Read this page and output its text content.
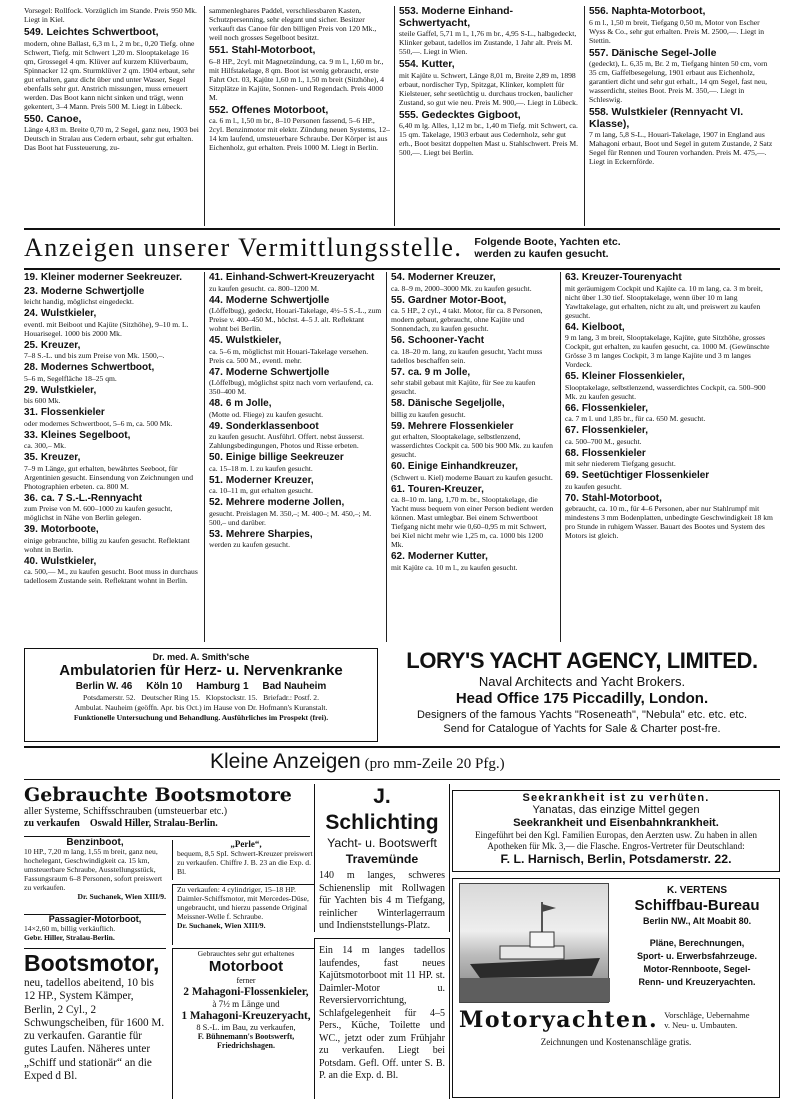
Vorsegel: Rollfock. Vorzüglich im Stande. Preis 950 Mk. Liegt in Kiel.
549. Leichtes Schwertboot,
modern, ohne Ballast, 6,3 m l., 2 m br., 0,20 Tiefg. ohne Schwert, Tiefg. mit Schwert 1,20 m. Slooptakelage 16 qm, Grossegel 4 qm. Klüver auf kurzem Klüverbaum, Spinnacker 12 qm. Sturmklüver 2 qm. 1904 erbaut, sehr gut erhalten, ganz dicht über und unter Wasser, Segel ebenfalls sehr gut. Anstrich missungen, muss erneuert werden. Das Boot kann nicht sinken und trägt, wenn gekentert, 3–4 Mann. Preis 500 M. Liegt in Lübeck.
550. Canoe,
Länge 4,83 m. Breite 0,70 m, 2 Segel, ganz neu, 1903 bei Deutsch in Stralau aus Cedern erbaut, sehr gut erhalten. Das Boot hat Fussteuerung, zu-
sammenlegbares Paddel, verschliessbaren Kasten, Schutzpersenning, sehr elegant und sicher. Besitzer verkauft das Canoe für den billigen Preis von 120 Mk., weil noch grosses Segelboot besitzt.
551. Stahl-Motorboot,
6–8 HP., 2cyl. mit Magnetzündung, ca. 9 m l., 1,60 m br., mit Hilfstakelage, 8 qm. Boot ist wenig gebraucht, erste Fahrt Oct. 03, Kajüte 1,60 m l., 1,50 m breit (Sitzhöhe), 4 Sitzplätze in Kajüte, Sonnen- und Regendach. Preis 4000 M.
552. Offenes Motorboot,
ca. 6 m l., 1,50 m br., 8–10 Personen fassend, 5–6 HP., 2cyl. Benzinmotor mit elektr. Zündung neuen Systems, 12–14 km laufend, umsteuerbare Schraube. Der Körper ist aus Eichenholz, gut erhalten. Preis 1000 M. Liegt in Berlin.
553. Moderne Einhand-Schwertyacht,
steile Gaffel, 5,71 m l., 1,76 m br., 4,95 S-L., halbgedeckt, Klinker gebaut, tadellos im Zustande, 1 Jahr alt. Preis M. 550,—. Liegt in Wien.
554. Kutter,
mit Kajüte u. Schwert, Länge 8,01 m, Breite 2,89 m, 1898 erbaut, nordischer Typ, Spitzgat, Klinker, komplett für Kielsteuer, sehr seetüchtig u. durchaus trocken, baulicher Zustand, so gut wie neu. Preis M. 900,—. Liegt in Lübeck.
555. Gedecktes Gigboot,
6,40 m lg. Alles, 1,12 m br., 1,40 m Tiefg. mit Schwert, ca. 15 qm. Takelage, 1903 erbaut aus Cedernholz, sehr gut erh., Boot besitzt doppelten Mast u. Stahlschwert. Preis M. 500,—. Liegt bei Berlin.
556. Naphta-Motorboot,
6 m l., 1,50 m breit, Tiefgang 0,50 m, Motor von Escher Wyss & Co., sehr gut erhalten. Preis M. 2500,—. Liegt in Stettin.
557. Dänische Segel-Jolle
(gedeckt), L. 6,35 m, Br. 2 m, Tiefgang hinten 50 cm, vorn 35 cm, Gaffelbesegelung, 1901 erbaut aus Eichenholz, garantiert dicht und sehr gut erhalt., 14 qm Segel, fast neu, wasserdicht, steites Boot. Preis M. 350,—. Liegt in Schleswig.
558. Wulstkieler (Rennyacht VI. Klasse),
7 m lang, 5,8 S-L., Houari-Takelage, 1907 in England aus Mahagoni erbaut, Boot und Segel in gutem Zustande, 2 Satz Segel für Rennen und Touren vorhanden. Preis M. 475,—. Liegt in Eckernförde.
Anzeigen unserer Vermittlungsstelle. Folgende Boote, Yachten etc.
werden zu kaufen gesucht.
19. Kleiner moderner Seekreuzer.
23. Moderne Schwertjolle
leicht handig, möglichst eingedeckt.
24. Wulstkieler,
eventl. mit Beiboot und Kajüte (Sitzhöhe), 9–10 m. L. Houarisegel. 1000 bis 2000 Mk.
25. Kreuzer,
7–8 S.-L. und bis zum Preise von Mk. 1500,–.
28. Modernes Schwertboot,
5–6 m, Segelfläche 18–25 qm.
29. Wulstkieler,
bis 600 Mk.
31. Flossenkieler
oder modernes Schwertboot, 5–6 m, ca. 500 Mk.
33. Kleines Segelboot,
ca. 300,– Mk.
35. Kreuzer,
7–9 m Länge, gut erhalten, bewährtes Seeboot, für Argentinien gesucht. Einsendung von Zeichnungen und Photographien erbeten. ca. 800 M.
36. ca. 7 S.-L.-Rennyacht
zum Preise von M. 600–1000 zu kaufen gesucht, möglichst in Nähe von Berlin gelegen.
39. Motorboote,
einige gebrauchte, billig zu kaufen gesucht. Reflektant wohnt in Berlin.
40. Wulstkieler,
ca. 500,— M., zu kaufen gesucht. Boot muss in durchaus tadellosem Zustande sein. Reflektant wohnt in Berlin.
41. Einhand-Schwert-Kreuzeryacht
zu kaufen gesucht. ca. 800–1200 M.
44. Moderne Schwertjolle
(Löffelbug), gedeckt, Houari-Takelage, 4½–5 S.-L., zum Preise v. 400–450 M., höchst. 4–5 J. alt. Reflektant wohnt bei Berlin.
45. Wulstkieler,
ca. 5–6 m, möglichst mit Houari-Takelage versehen. Preis ca. 500 M., eventl. mehr.
47. Moderne Schwertjolle
(Löffelbug), möglichst spitz nach vorn verlaufend, ca. 350–400 M.
48. 6 m Jolle,
(Motte od. Fliege) zu kaufen gesucht.
49. Sonderklassenboot
zu kaufen gesucht. Ausführl. Offert. nebst äusserst. Zahlungsbedingungen, Photos und Risse erbeten.
50. Einige billige Seekreuzer
ca. 15–18 m. l. zu kaufen gesucht.
51. Moderner Kreuzer,
ca. 10–11 m, gut erhalten gesucht.
52. Mehrere moderne Jollen,
gesucht. Preislagen M. 350,–; M. 400–; M. 450,–; M. 500,– und darüber.
53. Mehrere Sharpies,
werden zu kaufen gesucht.
54. Moderner Kreuzer,
ca. 8–9 m, 2000–3000 Mk. zu kaufen gesucht.
55. Gardner Motor-Boot,
ca. 5 HP., 2 cyl., 4 takt. Motor, für ca. 8 Personen, modern gebaut, gebraucht, ohne Kajüte und Sonnendach, zu kaufen gesucht.
56. Schooner-Yacht
ca. 18–20 m. lang, zu kaufen gesucht, Yacht muss tadellos beschaffen sein.
57. ca. 9 m Jolle,
sehr stabil gebaut mit Kajüte, für See zu kaufen gesucht.
58. Dänische Segeljolle,
billig zu kaufen gesucht.
59. Mehrere Flossenkieler
gut erhalten, Slooptakelage, selbstlenzend, wasserdichtes Cockpit ca. 500 bis 900 Mk. zu kaufen gesucht.
60. Einige Einhandkreuzer,
(Schwert u. Kiel) moderne Bauart zu kaufen gesucht.
61. Touren-Kreuzer,
ca. 8–10 m. lang, 1,70 m. br., Slooptakelage, die Yacht muss bequem von einer Person bedient werden können. Mast umlegbar. Bei einem Schwertboot Tiefgang nicht mehr wie 0,60–0,95 m mit Schwert, bei Kiel nicht mehr wie 1,25 m, ca. 1000 bis 1200 Mk.
62. Moderner Kutter,
mit Kajüte ca. 10 m l., zu kaufen gesucht.
63. Kreuzer-Tourenyacht
mit geräumigem Cockpit und Kajüte ca. 10 m lang, ca. 3 m breit, nicht über 1.30 tief. Slooptakelage, wenn über 10 m lang Yawltakelage, gut erhalten, nicht zu alt, und preiswert zu kaufen gesucht.
64. Kielboot,
9 m lang, 3 m breit, Slooptakelage, Kajüte, gute Sitzhöhe, grosses Cockpit, gut erhalten, zu kaufen gesucht, ca. 1000 M. (Gewünschte Grösse 3 m langes Cockpit, 3 m lange Kajüte und 3 m langes Vordeck.
65. Kleiner Flossenkieler,
Slooptakelage, selbstlenzend, wasserdichtes Cockpit, ca. 500–900 Mk. zu kaufen gesucht.
66. Flossenkieler,
ca. 7 m l. und 1,85 br., für ca. 650 M. gesucht.
67. Flossenkieler,
ca. 500–700 M., gesucht.
68. Flossenkieler
mit sehr niederem Tiefgang gesucht.
69. Seetüchtiger Flossenkieler
zu kaufen gesucht.
70. Stahl-Motorboot,
gebraucht, ca. 10 m., für 4–6 Personen, aber nur Stahlrumpf mit mindestens 3 mm Bodenplatten, unbedingte Geschwindigkeit 18 km pro Stunde in ruhigem Wasser. Bauart des Bootes und System des Motors ist gleich.
Dr. med. A. Smith'sche
Ambulatorien für Herz- u. Nervenkranke
Berlin W. 46     Köln 10     Hamburg 1     Bad Nauheim
Potsdamerstr. 52.   Deutscher Ring 15.   Klopstockstr. 15.   Briefadr.: Postf. 2.
Ambulat. Nauheim (geöffn. Apr. bis Oct.) im Hause von Dr. Hofmann's Kuranstalt.
Funktionelle Untersuchung und Behandlung. Ausführliches im Prospekt (frei).
LORY'S YACHT AGENCY, LIMITED.
Naval Architects and Yacht Brokers.
Head Office 175 Piccadilly, London.
Designers of the famous Yachts "Roseneath", "Nebula" etc. etc. etc.
Send for Catalogue of Yachts for Sale & Charter post-fre.
Kleine Anzeigen (pro mm-Zeile 20 Pfg.)
Gebrauchte Bootsmotore
aller Systeme, Schiffsschrauben (umsteuerbar etc.)
zu verkaufen    Oswald Hiller, Stralau-Berlin.
Benzinboot,
10 HP., 7,20 m lang, 1,55 m breit, ganz neu, hochelegant, Geschwindigkeit ca. 15 km, umsteuerbare Schraube, Ausstellungsstück, Fassungsraum 6–8 Personen, sofort preiswert zu verkaufen.
Dr. Suchanek, Wien XIII/9.
Passagier-Motorboot,
14×2,60 m, billig verkäuflich.
Gebr. Hiller, Stralau-Berlin.
„Perle“,
bequem, 8,5 SpI. Schwert-Kreuzer preiswert zu verkaufen. Chiffre J. B. 23 an die Exp. d. Bl.
Zu verkaufen: 4 cylindriger, 15–18 HP. Daimler-Schiffsmotor, mit Mercedes-Düse, ungebraucht, und hierzu passende Original Meissner-Welle f. Schraube.
Dr. Suchanek, Wien XIII/9.
Bootsmotor,
neu, tadellos abeitend, 10 bis 12 HP., System Kämper, Berlin, 2 Cyl., 2 Schwungscheiben, für 1600 M. zu verkaufen. Garantie für gutes Laufen. Näheres unter „Schiff und stationär“ an die Exped d Bl.
Gebrauchtes sehr gut erhaltenes
Motorboot
ferner
2 Mahagoni-Flossenkieler,
à 7½ m Länge und
1 Mahagoni-Kreuzeryacht,
8 S.-L. im Bau, zu verkaufen,
F. Bühnemann's Bootswerft,
Friedrichshagen.
J. Schlichting
Yacht- u. Bootswerft
Travemünde
140 m langes, schweres Schienenslip mit Rollwagen für Yachten bis 4 m Tiefgang, reinlicher Winterlagerraum und Indienststellungs-Platz.
Ein 14 m langes tadellos laufendes, fast neues Kajütsmotorboot mit 11 HP. st. Daimler-Motor u. Reversiervorrichtung, Schlafgelegenheit für 4–5 Pers., Küche, Toilette und WC., jetzt oder zum Frühjahr zu verkaufen. Liegt bei Potsdam. Gefl. Off. unter S. B. P. an die Exp. d. Bl.
Seekrankheit ist zu verhüten.
Yanatas, das einzige Mittel gegen
Seekrankheit und Eisenbahnkrankheit.
Eingeführt bei den Kgl. Familien Europas, den Aerzten usw. Zu haben in allen Apotheken für Mk. 3,— die Flasche. Engros-Vertreter für Deutschland:
F. L. Harnisch, Berlin, Potsdamerstr. 22.
K. VERTENS
Schiffbau-Bureau
Berlin NW., Alt Moabit 80.
Pläne, Berechnungen,
Sport- u. Erwerbsfahrzeuge.
Motor-Rennboote, Segel-
Renn- und Kreuzeryachten.
Motoryachten. Vorschläge, Uebernahme
v. Neu- u. Umbauten.
Zeichnungen und Kostenanschläge gratis.
